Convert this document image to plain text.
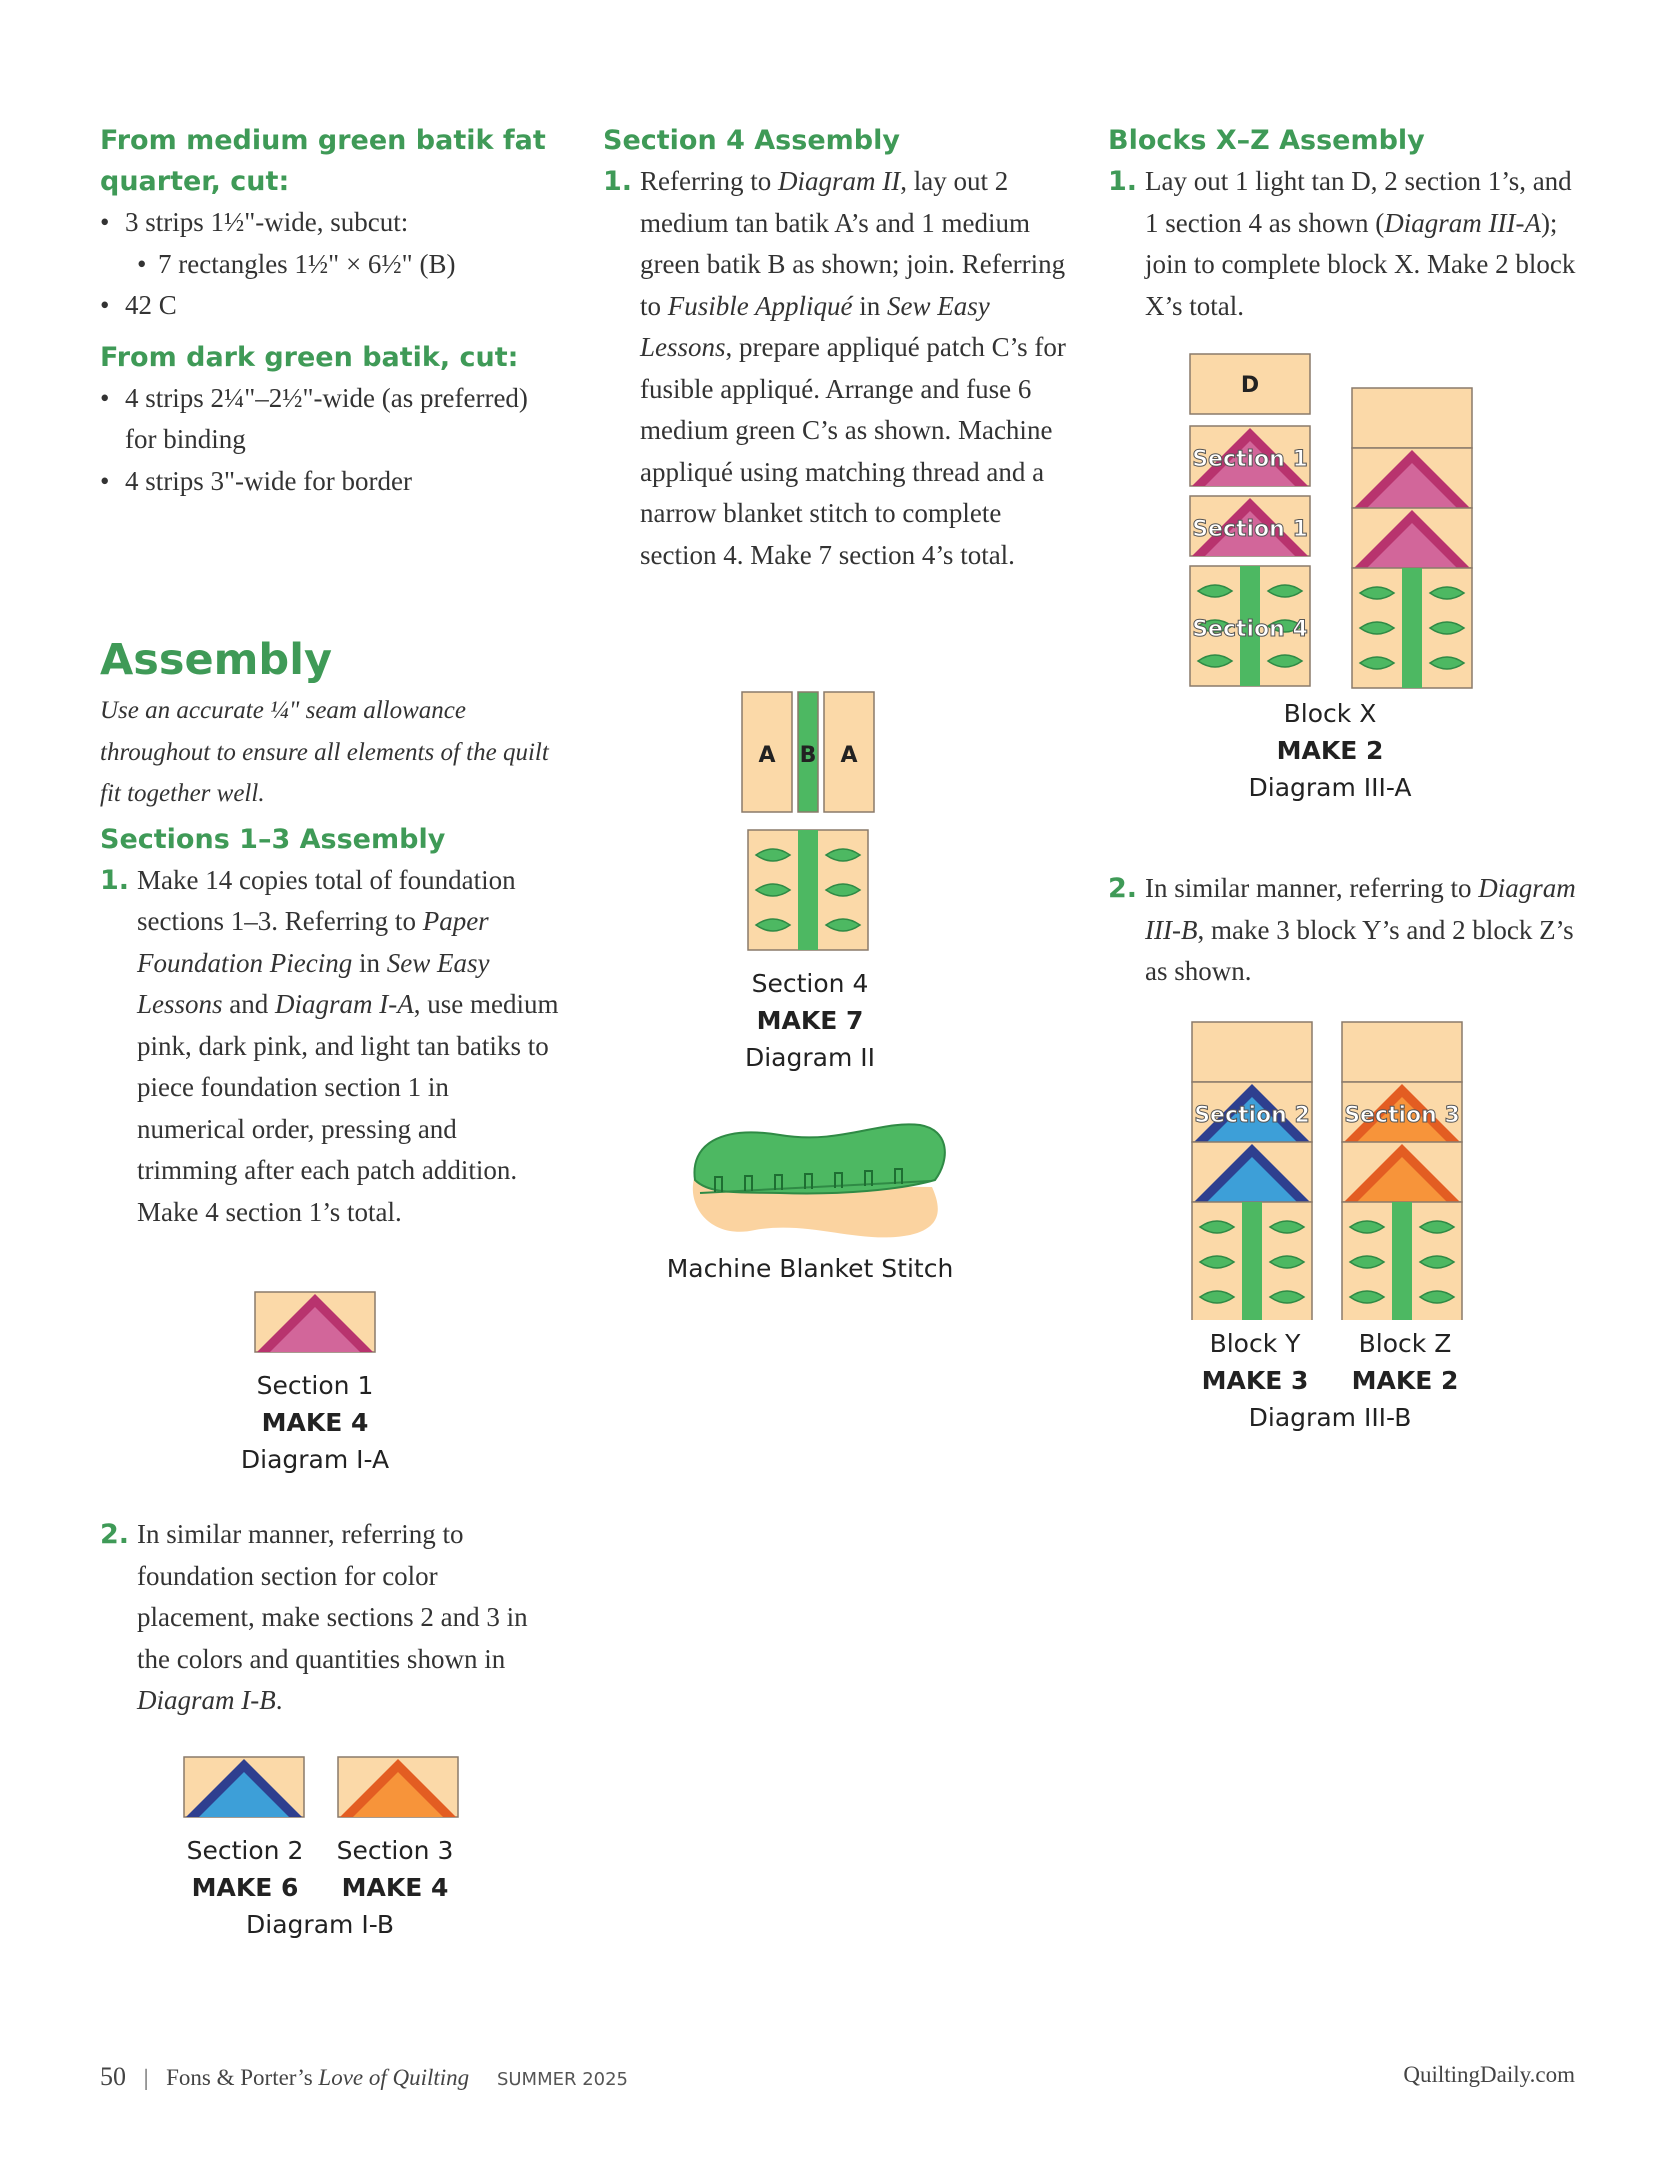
From medium green batik fat quarter, cut:

• 3 strips 1½"-wide, subcut:
• 7 rectangles 1½" × 6½" (B)
• 42 C

From dark green batik, cut:

• 4 strips 2¼"–2½"-wide (as preferred) for binding
• 4 strips 3"-wide for border

Assembly

Use an accurate ¼" seam allowance throughout to ensure all elements of the quilt fit together well.

Sections 1–3 Assembly

1. Make 14 copies total of foundation sections 1–3. Referring to Paper Foundation Piecing in Sew Easy Lessons and Diagram I-A, use medium pink, dark pink, and light tan batiks to piece foundation section 1 in numerical order, pressing and trimming after each patch addition. Make 4 section 1’s total.

Section 1
MAKE 4
Diagram I-A
2. In similar manner, referring to foundation section for color placement, make sections 2 and 3 in the colors and quantities shown in Diagram I-B.

Section 2
MAKE 6
Section 3
MAKE 4
Diagram I-B

Section 4 Assembly

1. Referring to Diagram II, lay out 2 medium tan batik A’s and 1 medium green batik B as shown; join. Referring to Fusible Appliqué in Sew Easy Lessons, prepare appliqué patch C’s for fusible appliqué. Arrange and fuse 6 medium green C’s as shown. Machine appliqué using matching thread and a narrow blanket stitch to complete section 4. Make 7 section 4’s total.

A B A
Section 4
MAKE 7
Diagram II
Machine Blanket Stitch

Blocks X–Z Assembly

1. Lay out 1 light tan D, 2 section 1’s, and 1 section 4 as shown (Diagram III-A); join to complete block X. Make 2 block X’s total.

D
Section 1
Section 1
Section 4
Block X
MAKE 2
Diagram III-A
2. In similar manner, referring to Diagram III-B, make 3 block Y’s and 2 block Z’s as shown.

Section 2 Section 3
Block Y
MAKE 3
Block Z
MAKE 2
Diagram III-B
50 | Fons & Porter’s Love of Quilting SUMMER 2025	QuiltingDaily.com
